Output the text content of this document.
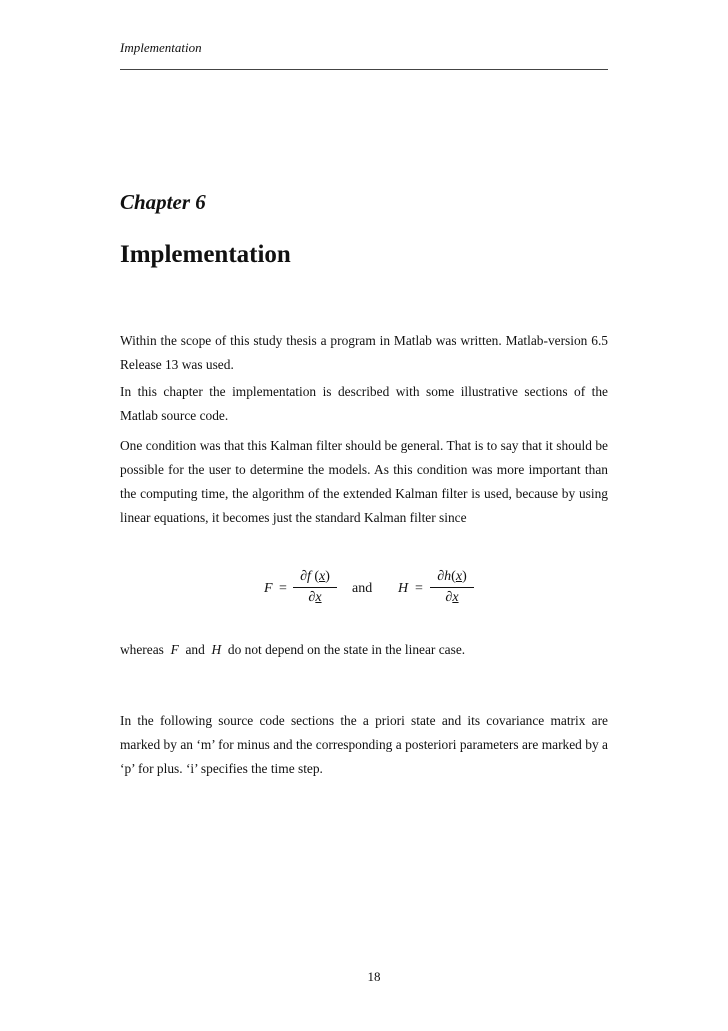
Implementation
Chapter 6
Implementation

Within the scope of this study thesis a program in Matlab was written. Matlab-version 6.5 Release 13 was used.

In this chapter the implementation is described with some illustrative sections of the Matlab source code.

One condition was that this Kalman filter should be general. That is to say that it should be possible for the user to determine the models. As this condition was more important than the computing time, the algorithm of the extended Kalman filter is used, because by using linear equations, it becomes just the standard Kalman filter since

F =
∂f (x)
∂x
and H =
∂h(x)
∂x

whereas F and H do not depend on the state in the linear case.

In the following source code sections the a priori state and its covariance matrix are marked by an ‘m’ for minus and the corresponding a posteriori parameters are marked by a ‘p’ for plus. ‘i’ specifies the time step.

18
